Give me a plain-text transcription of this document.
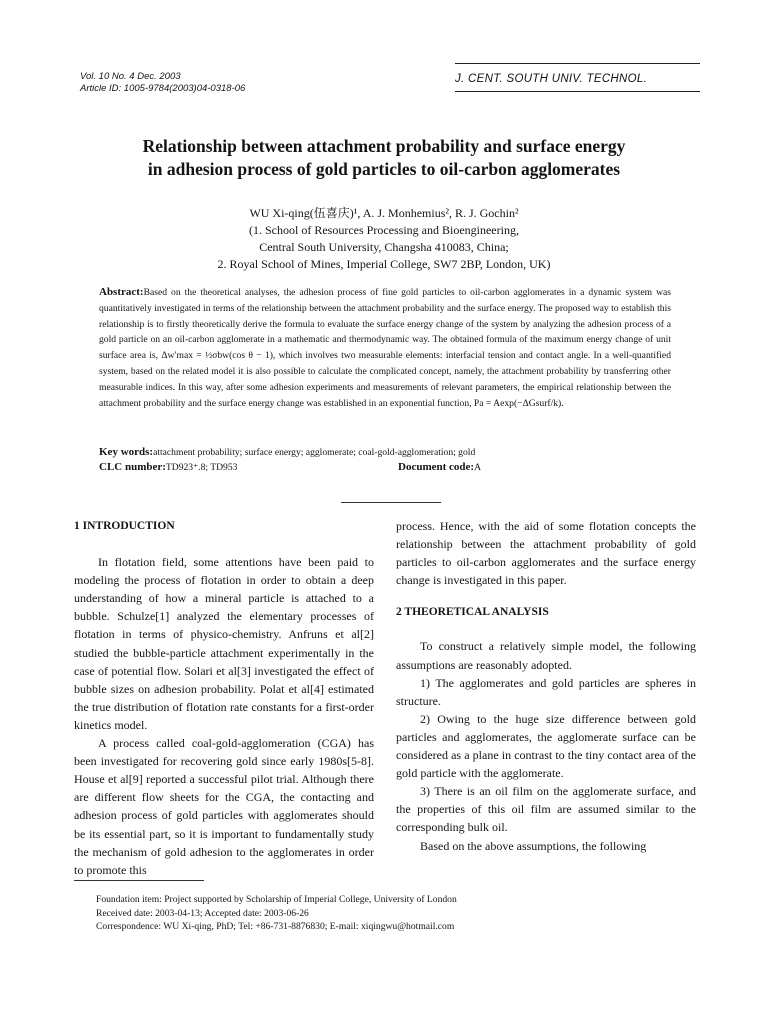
Vol. 10 No. 4 Dec. 2003
Article ID: 1005-9784(2003)04-0318-06
J. CENT. SOUTH UNIV. TECHNOL.
Relationship between attachment probability and surface energy
in adhesion process of gold particles to oil-carbon agglomerates
WU Xi-qing(伍喜庆)¹, A. J. Monhemius², R. J. Gochin²
(1. School of Resources Processing and Bioengineering,
Central South University, Changsha 410083, China;
2. Royal School of Mines, Imperial College, SW7 2BP, London, UK)
Abstract:Based on the theoretical analyses, the adhesion process of fine gold particles to oil-carbon agglomerates in a dynamic system was quantitatively investigated in terms of the relationship between the attachment probability and the surface energy. The proposed way to establish this relationship is to firstly theoretically derive the formula to evaluate the surface energy change of the system by analyzing the adhesion process of a gold particle on an oil-carbon agglomerate in a mathematic and thermodynamic way. The obtained formula of the maximum energy change of unit surface area is, Δw′max = ½σbw(cos θ − 1), which involves two measurable elements: interfacial tension and contact angle. In a well-quantified system, based on the related model it is also possible to calculate the complicated concept, namely, the attachment probability by transferring other measurable indices. In this way, after some adhesion experiments and measurements of relevant parameters, the empirical relationship between the attachment probability and the surface energy change was established in an exponential function, Pa = Aexp(−ΔGsurf/k).
Key words:attachment probability; surface energy; agglomerate; coal-gold-agglomeration; gold
CLC number:TD923⁺.8; TD953	Document code:A
1 INTRODUCTION

In flotation field, some attentions have been paid to modeling the process of flotation in order to obtain a deep understanding of how a mineral particle is attached to a bubble. Schulze[1] analyzed the elementary processes of flotation in terms of physico-chemistry. Anfruns et al[2] studied the bubble-particle attachment experimentally in the case of potential flow. Solari et al[3] investigated the effect of bubble sizes on adhesion probability. Polat et al[4] estimated the true distribution of flotation rate constants for a first-order kinetics model.

A process called coal-gold-agglomeration (CGA) has been investigated for recovering gold since early 1980s[5-8]. House et al[9] reported a successful pilot trial. Although there are different flow sheets for the CGA, the contacting and adhesion process of gold particles with agglomerates should be its essential part, so it is important to fundamentally study the mechanism of gold adhesion to the agglomerates in order to promote this

process. Hence, with the aid of some flotation concepts the relationship between the attachment probability of gold particles to oil-carbon agglomerates and the surface energy change is investigated in this paper.

2 THEORETICAL ANALYSIS

To construct a relatively simple model, the following assumptions are reasonably adopted.

1) The agglomerates and gold particles are spheres in structure.

2) Owing to the huge size difference between gold particles and agglomerates, the agglomerate surface can be considered as a plane in contrast to the tiny contact area of the gold particle with the agglomerate.

3) There is an oil film on the agglomerate surface, and the properties of this oil film are assumed similar to the corresponding bulk oil.

Based on the above assumptions, the following

Foundation item: Project supported by Scholarship of Imperial College, University of London
Received date: 2003-04-13; Accepted date: 2003-06-26
Correspondence: WU Xi-qing, PhD; Tel: +86-731-8876830; E-mail: xiqingwu@hotmail.com
